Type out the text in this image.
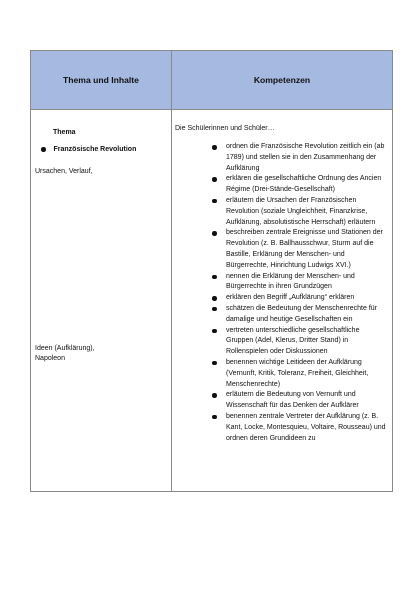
Thema und Inhalte	Kompetenzen
Thema
Französische Revolution
Ursachen, Verlauf,
Ideen (Aufklärung),
Napoleon
Die Schülerinnen und Schüler…
ordnen die Französische Revolution zeitlich ein (ab 1789) und stellen sie in den Zusammenhang der Aufklärung
erklären die gesellschaftliche Ordnung des Ancien Régime (Drei-Stände-Gesellschaft)
erläutern die Ursachen der Französischen Revolution (soziale Ungleichheit, Finanzkrise, Aufklärung, absolutistische Herrschaft) erläutern
beschreiben zentrale Ereignisse und Stationen der Revolution (z. B. Ballhausschwur, Sturm auf die Bastille, Erklärung der Menschen- und Bürgerrechte, Hinrichtung Ludwigs XVI.)
nennen die Erklärung der Menschen- und Bürgerrechte in ihren Grundzügen
erklären den Begriff „Aufklärung“ erklären
schätzen die Bedeutung der Menschenrechte für damalige und heutige Gesellschaften ein
vertreten unterschiedliche gesellschaftliche Gruppen (Adel, Klerus, Dritter Stand) in Rollenspielen oder Diskussionen
benennen wichtige Leitideen der Aufklärung (Vernunft, Kritik, Toleranz, Freiheit, Gleichheit, Menschenrechte)
erläutern die Bedeutung von Vernunft und Wissenschaft für das Denken der Aufklärer
benennen zentrale Vertreter der Aufklärung (z. B. Kant, Locke, Montesquieu, Voltaire, Rousseau) und ordnen deren Grundideen zu
